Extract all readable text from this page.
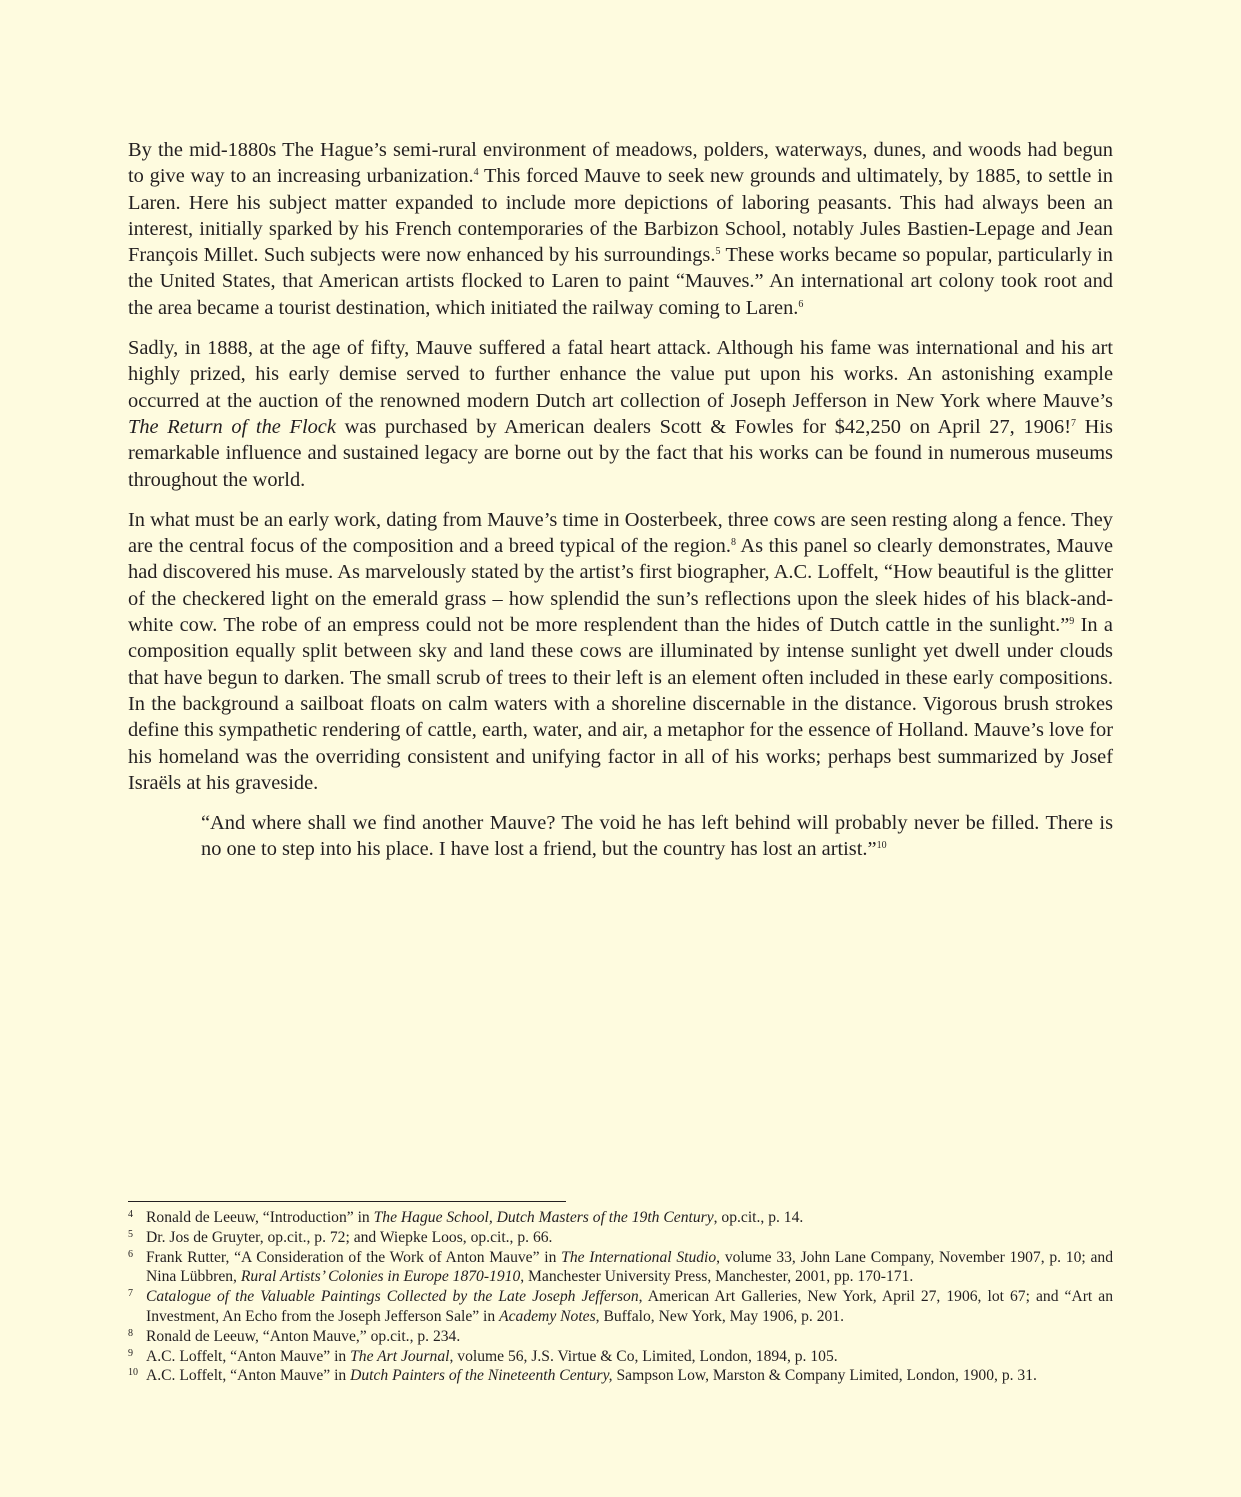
By the mid-1880s The Hague’s semi-rural environment of meadows, polders, waterways, dunes, and woods had begun to give way to an increasing urbanization.$^4$ This forced Mauve to seek new grounds and ultimately, by 1885, to settle in Laren. Here his subject matter expanded to include more depictions of laboring peasants. This had always been an interest, initially sparked by his French contemporaries of the Barbizon School, notably Jules Bastien-Lepage and Jean François Millet. Such subjects were now enhanced by his surroundings.$^5$ These works became so popular, particularly in the United States, that American artists flocked to Laren to paint “Mauves.” An international art colony took root and the area became a tourist destination, which initiated the railway coming to Laren.$^6$

Sadly, in 1888, at the age of fifty, Mauve suffered a fatal heart attack. Although his fame was international and his art highly prized, his early demise served to further enhance the value put upon his works. An astonishing example occurred at the auction of the renowned modern Dutch art collection of Joseph Jefferson in New York where Mauve’s The Return of the Flock was purchased by American dealers Scott & Fowles for $42,250 on April 27, 1906!$^7$ His remarkable influence and sustained legacy are borne out by the fact that his works can be found in numerous museums throughout the world.

In what must be an early work, dating from Mauve’s time in Oosterbeek, three cows are seen resting along a fence. They are the central focus of the composition and a breed typical of the region.$^8$ As this panel so clearly demonstrates, Mauve had discovered his muse. As marvelously stated by the artist’s first biographer, A.C. Loffelt, “How beautiful is the glitter of the checkered light on the emerald grass – how splendid the sun’s reflections upon the sleek hides of his black-and-white cow. The robe of an empress could not be more resplendent than the hides of Dutch cattle in the sunlight.”$^9$ In a composition equally split between sky and land these cows are illuminated by intense sunlight yet dwell under clouds that have begun to darken. The small scrub of trees to their left is an element often included in these early compositions. In the background a sailboat floats on calm waters with a shoreline discernable in the distance. Vigorous brush strokes define this sympathetic rendering of cattle, earth, water, and air, a metaphor for the essence of Holland. Mauve’s love for his homeland was the overriding consistent and unifying factor in all of his works; perhaps best summarized by Josef Israëls at his graveside.

“And where shall we find another Mauve? The void he has left behind will probably never be filled. There is no one to step into his place. I have lost a friend, but the country has lost an artist.”$^{10}$

4 Ronald de Leeuw, “Introduction” in The Hague School, Dutch Masters of the 19th Century, op.cit., p. 14.
5 Dr. Jos de Gruyter, op.cit., p. 72; and Wiepke Loos, op.cit., p. 66.
6 Frank Rutter, “A Consideration of the Work of Anton Mauve” in The International Studio, volume 33, John Lane Company, November 1907, p. 10; and Nina Lübbren, Rural Artists’ Colonies in Europe 1870-1910, Manchester University Press, Manchester, 2001, pp. 170-171.
7 Catalogue of the Valuable Paintings Collected by the Late Joseph Jefferson, American Art Galleries, New York, April 27, 1906, lot 67; and “Art an Investment, An Echo from the Joseph Jefferson Sale” in Academy Notes, Buffalo, New York, May 1906, p. 201.
8 Ronald de Leeuw, “Anton Mauve,” op.cit., p. 234.
9 A.C. Loffelt, “Anton Mauve” in The Art Journal, volume 56, J.S. Virtue & Co, Limited, London, 1894, p. 105.
10 A.C. Loffelt, “Anton Mauve” in Dutch Painters of the Nineteenth Century, Sampson Low, Marston & Company Limited, London, 1900, p. 31.
